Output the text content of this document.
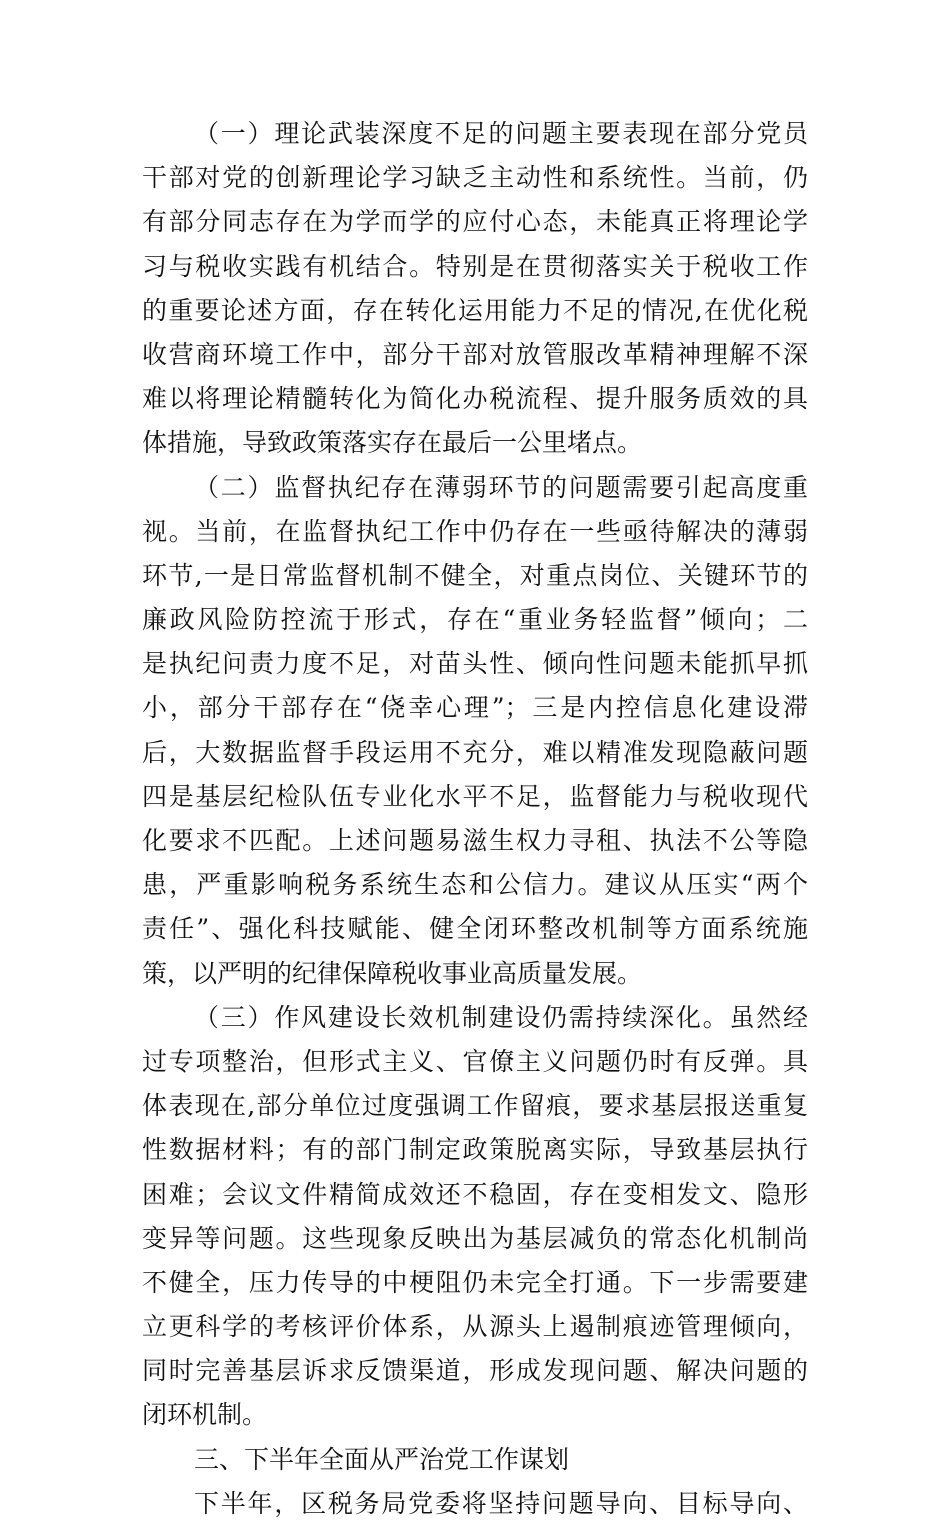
（一）理论武装深度不足的问题主要表现在部分党员
干部对党的创新理论学习缺乏主动性和系统性。当前，仍
有部分同志存在为学而学的应付心态，未能真正将理论学
习与税收实践有机结合。特别是在贯彻落实关于税收工作
的重要论述方面，存在转化运用能力不足的情况,在优化税
收营商环境工作中，部分干部对放管服改革精神理解不深
难以将理论精髓转化为简化办税流程、提升服务质效的具
体措施，导致政策落实存在最后一公里堵点。
（二）监督执纪存在薄弱环节的问题需要引起高度重
视。当前，在监督执纪工作中仍存在一些亟待解决的薄弱
环节,一是日常监督机制不健全，对重点岗位、关键环节的
廉政风险防控流于形式，存在“重业务轻监督”倾向；二
是执纪问责力度不足，对苗头性、倾向性问题未能抓早抓
小，部分干部存在“侥幸心理”；三是内控信息化建设滞
后，大数据监督手段运用不充分，难以精准发现隐蔽问题
四是基层纪检队伍专业化水平不足，监督能力与税收现代
化要求不匹配。上述问题易滋生权力寻租、执法不公等隐
患，严重影响税务系统生态和公信力。建议从压实“两个
责任”、强化科技赋能、健全闭环整改机制等方面系统施
策，以严明的纪律保障税收事业高质量发展。
（三）作风建设长效机制建设仍需持续深化。虽然经
过专项整治，但形式主义、官僚主义问题仍时有反弹。具
体表现在,部分单位过度强调工作留痕，要求基层报送重复
性数据材料；有的部门制定政策脱离实际，导致基层执行
困难；会议文件精简成效还不稳固，存在变相发文、隐形
变异等问题。这些现象反映出为基层减负的常态化机制尚
不健全，压力传导的中梗阻仍未完全打通。下一步需要建
立更科学的考核评价体系，从源头上遏制痕迹管理倾向，
同时完善基层诉求反馈渠道，形成发现问题、解决问题的
闭环机制。
三、下半年全面从严治党工作谋划
下半年，区税务局党委将坚持问题导向、目标导向、
